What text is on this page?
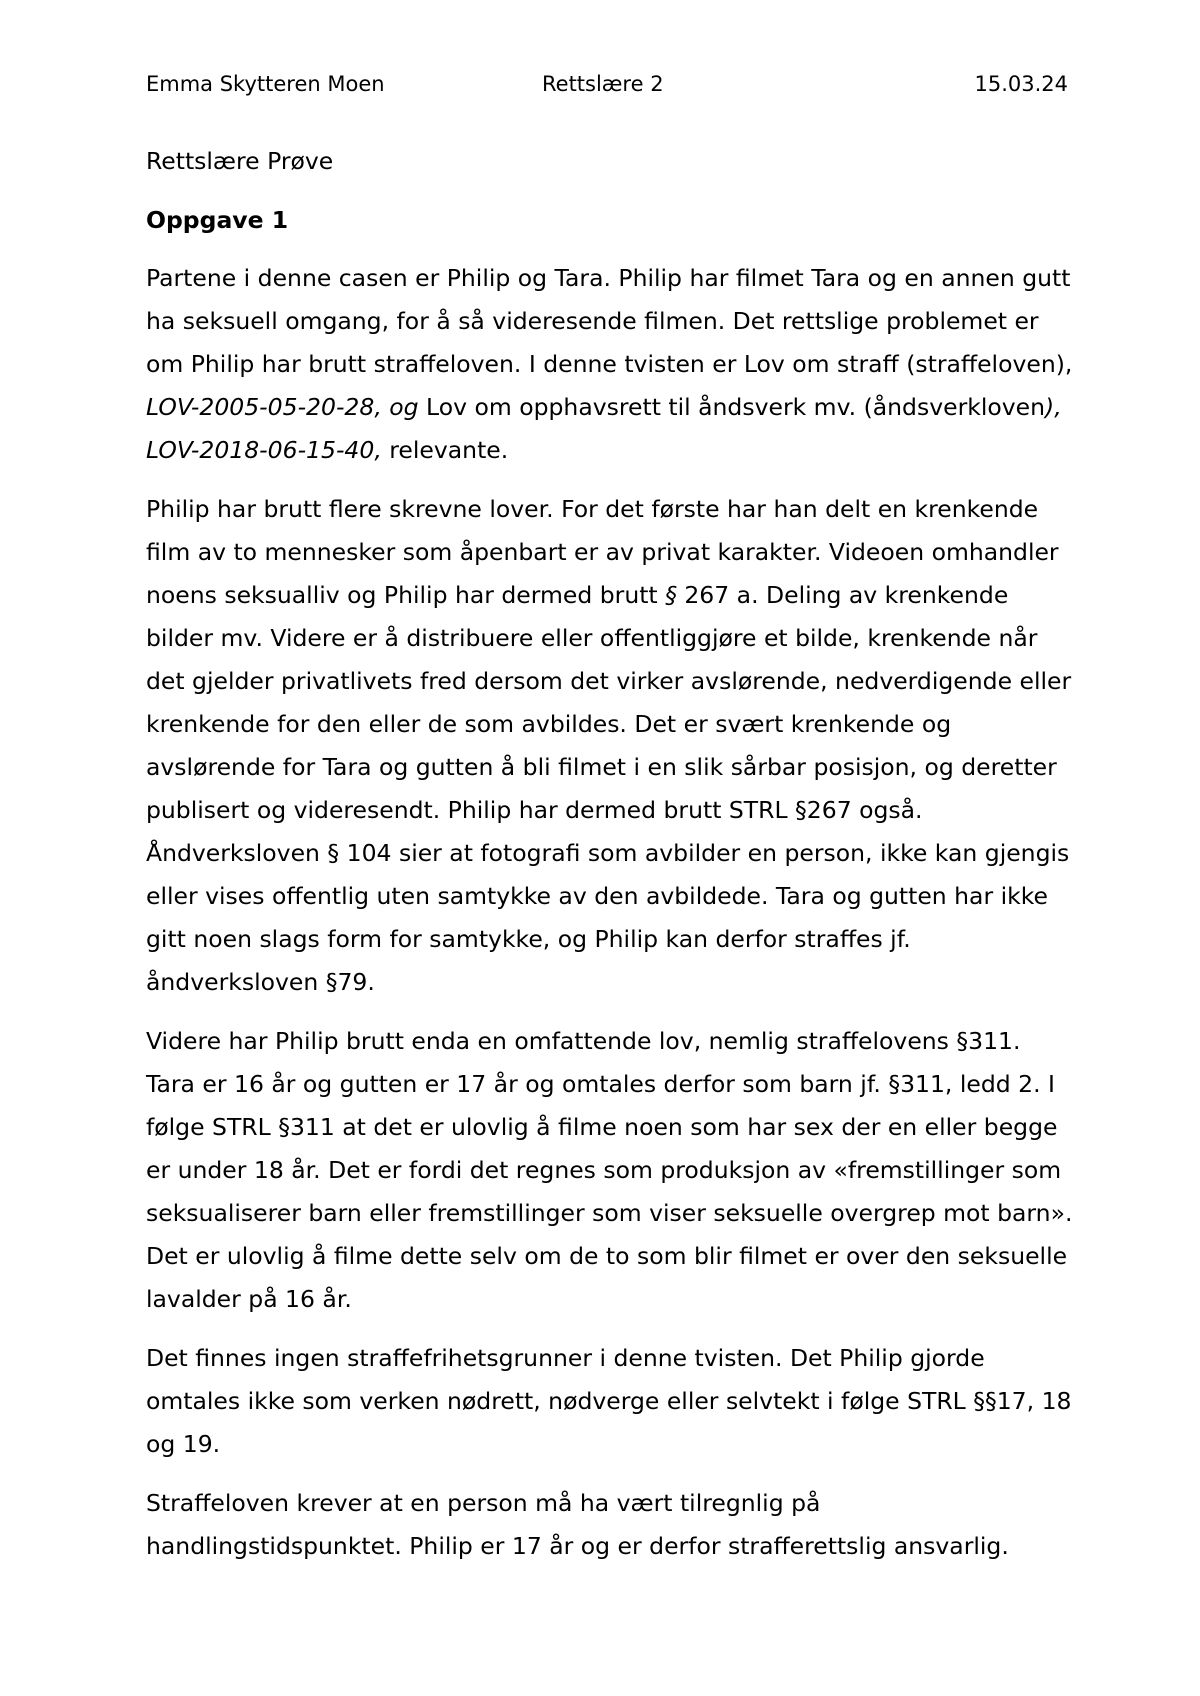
Emma Skytteren Moen	Rettslære 2	15.03.24
Rettslære Prøve
Oppgave 1

Partene i denne casen er Philip og Tara. Philip har filmet Tara og en annen gutt ha seksuell omgang, for å så videresende filmen. Det rettslige problemet er om Philip har brutt straffeloven. I denne tvisten er Lov om straff (straffeloven), LOV-2005-05-20-28, og Lov om opphavsrett til åndsverk mv. (åndsverkloven), LOV-2018-06-15-40, relevante.

Philip har brutt flere skrevne lover. For det første har han delt en krenkende film av to mennesker som åpenbart er av privat karakter. Videoen omhandler noens seksualliv og Philip har dermed brutt § 267 a. Deling av krenkende bilder mv. Videre er å distribuere eller offentliggjøre et bilde, krenkende når det gjelder privatlivets fred dersom det virker avslørende, nedverdigende eller krenkende for den eller de som avbildes. Det er svært krenkende og avslørende for Tara og gutten å bli filmet i en slik sårbar posisjon, og deretter publisert og videresendt. Philip har dermed brutt STRL §267 også. Åndverksloven § 104 sier at fotografi som avbilder en person, ikke kan gjengis eller vises offentlig uten samtykke av den avbildede. Tara og gutten har ikke gitt noen slags form for samtykke, og Philip kan derfor straffes jf. åndverksloven §79.

Videre har Philip brutt enda en omfattende lov, nemlig straffelovens §311. Tara er 16 år og gutten er 17 år og omtales derfor som barn jf. §311, ledd 2. I følge STRL §311 at det er ulovlig å filme noen som har sex der en eller begge er under 18 år. Det er fordi det regnes som produksjon av «fremstillinger som seksualiserer barn eller fremstillinger som viser seksuelle overgrep mot barn». Det er ulovlig å filme dette selv om de to som blir filmet er over den seksuelle lavalder på 16 år.

Det finnes ingen straffefrihetsgrunner i denne tvisten. Det Philip gjorde omtales ikke som verken nødrett, nødverge eller selvtekt i følge STRL §§17, 18 og 19.

Straffeloven krever at en person må ha vært tilregnlig på handlingstidspunktet. Philip er 17 år og er derfor strafferettslig ansvarlig.
